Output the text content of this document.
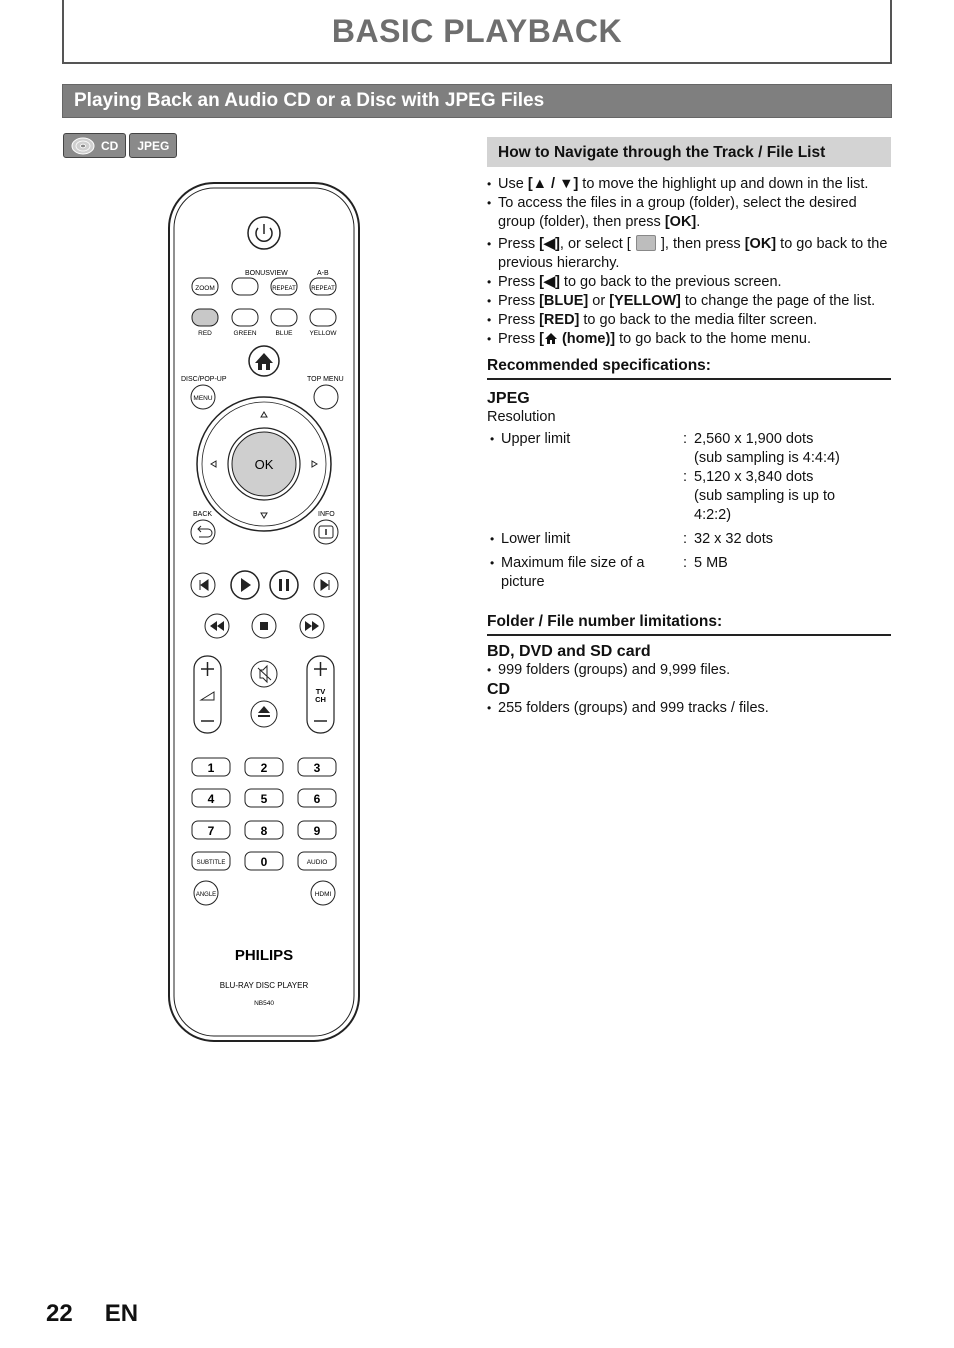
BASIC PLAYBACK
Playing Back an Audio CD or a Disc with JPEG Files
CD JPEG
BONUSVIEW	A-B
ZOOM	REPEAT	REPEAT
RED	GREEN	BLUE	YELLOW
DISC/POP-UP	TOP MENU
MENU
OK
BACK	INFO
TV
CH
1	2	3
4	5	6
7	8	9
SUBTITLE	0	AUDIO
ANGLE	HDMI
PHILIPS
BLU-RAY DISC PLAYER
NB540
How to Navigate through the Track / File List
• Use [▲ / ▼] to move the highlight up and down in the list.
• To access the files in a group (folder), select the desired group (folder), then press [OK].
• Press [◀], or select [  ], then press [OK] to go back to the previous hierarchy.
• Press [◀] to go back to the previous screen.
• Press [BLUE] or [YELLOW] to change the page of the list.
• Press [RED] to go back to the media filter screen.
• Press [ (home)] to go back to the home menu.
Recommended specifications:
JPEG
Resolution
• Upper limit	: 2,560 x 1,900 dots
(sub sampling is 4:4:4)
: 5,120 x 3,840 dots
(sub sampling is up to 4:2:2)
• Lower limit	: 32 x 32 dots
• Maximum file size of a picture
: 5 MB
Folder / File number limitations:
BD, DVD and SD card
• 999 folders (groups) and 9,999 files.
CD
• 255 folders (groups) and 999 tracks / files.
22 EN
